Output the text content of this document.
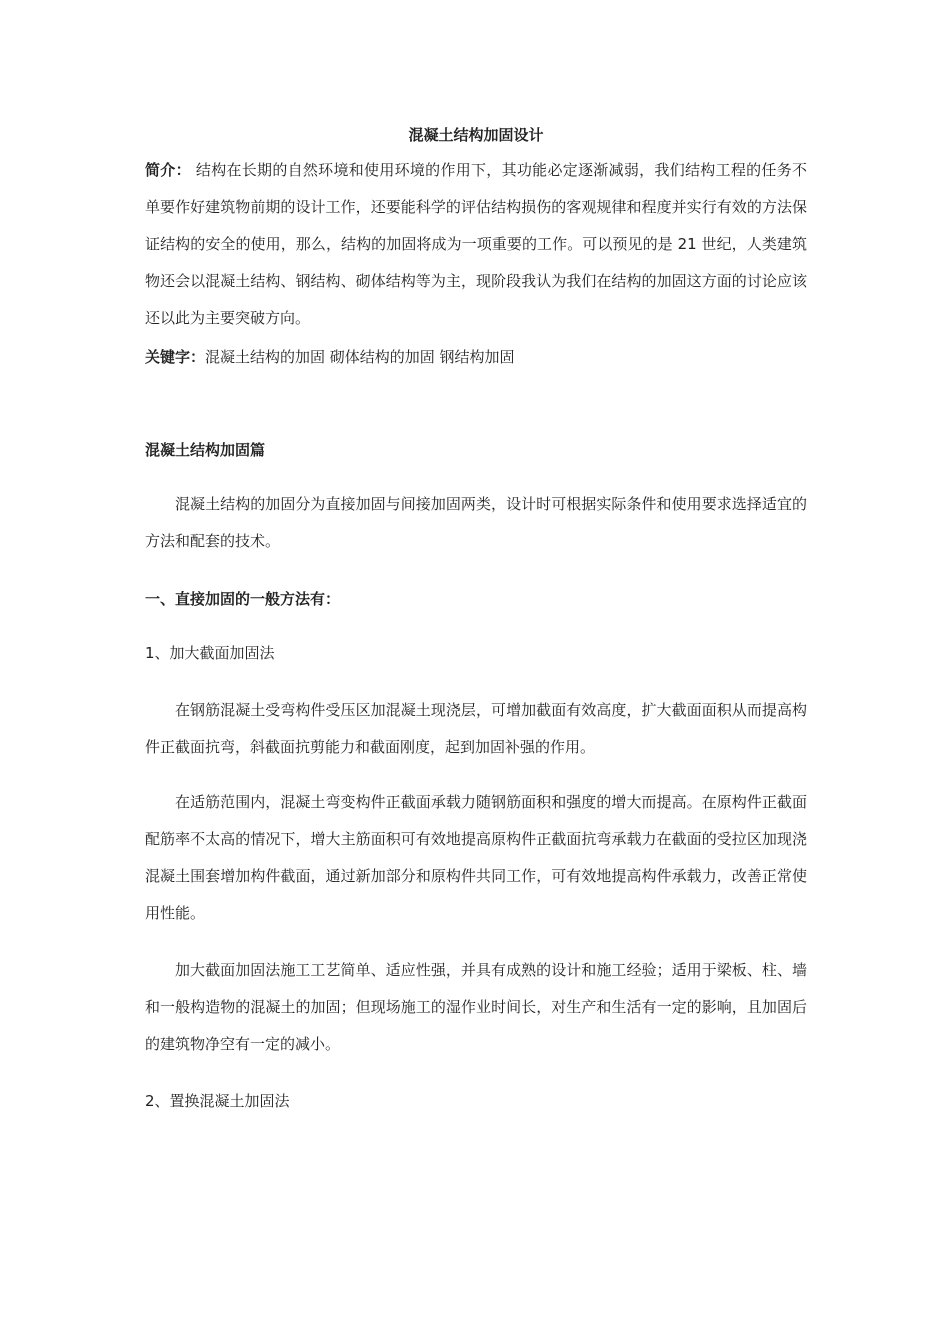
混凝土结构加固设计
简介： 结构在长期的自然环境和使用环境的作用下，其功能必定逐渐减弱，我们结构工程的任务不单要作好建筑物前期的设计工作，还要能科学的评估结构损伤的客观规律和程度并实行有效的方法保证结构的安全的使用，那么，结构的加固将成为一项重要的工作。可以预见的是 21 世纪，人类建筑物还会以混凝土结构、钢结构、砌体结构等为主，现阶段我认为我们在结构的加固这方面的讨论应该还以此为主要突破方向。
关键字：混凝土结构的加固 砌体结构的加固 钢结构加固
混凝土结构加固篇
混凝土结构的加固分为直接加固与间接加固两类，设计时可根据实际条件和使用要求选择适宜的方法和配套的技术。
一、直接加固的一般方法有：
1、加大截面加固法
在钢筋混凝土受弯构件受压区加混凝土现浇层，可增加截面有效高度，扩大截面面积从而提高构件正截面抗弯，斜截面抗剪能力和截面刚度，起到加固补强的作用。
在适筋范围内，混凝土弯变构件正截面承载力随钢筋面积和强度的增大而提高。在原构件正截面配筋率不太高的情况下，增大主筋面积可有效地提高原构件正截面抗弯承载力在截面的受拉区加现浇混凝土围套增加构件截面，通过新加部分和原构件共同工作，可有效地提高构件承载力，改善正常使用性能。
加大截面加固法施工工艺简单、适应性强，并具有成熟的设计和施工经验；适用于梁板、柱、墙和一般构造物的混凝土的加固；但现场施工的湿作业时间长，对生产和生活有一定的影响，且加固后的建筑物净空有一定的减小。
2、置换混凝土加固法
